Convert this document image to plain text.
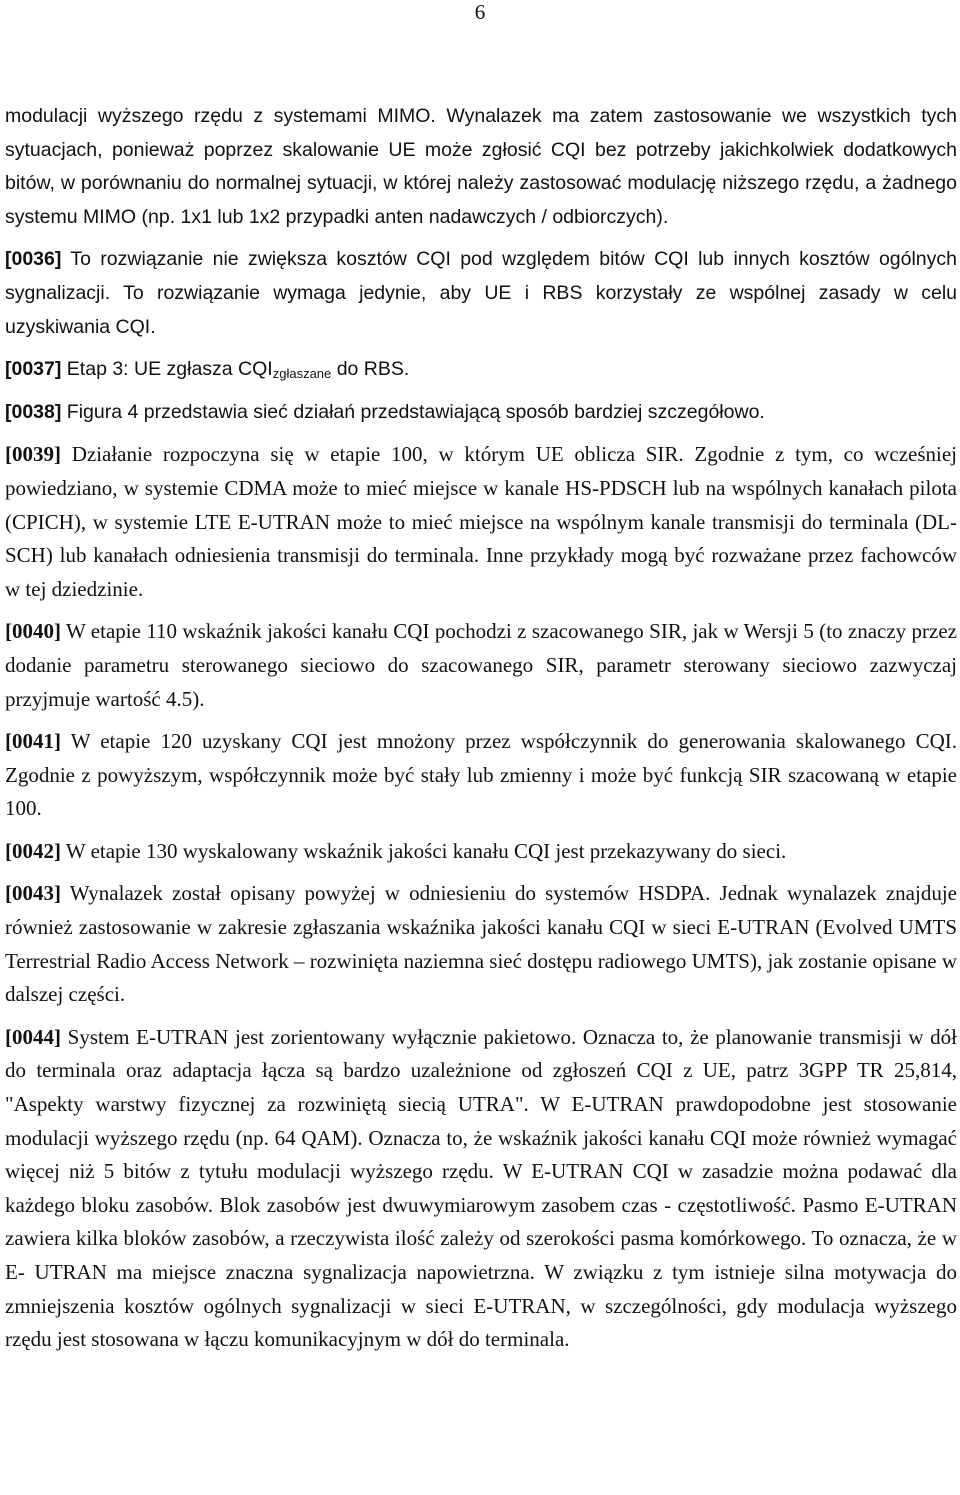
6

modulacji wyższego rzędu z systemami MIMO. Wynalazek ma zatem zastosowanie we wszystkich tych sytuacjach, ponieważ poprzez skalowanie UE może zgłosić CQI bez potrzeby jakichkolwiek dodatkowych bitów, w porównaniu do normalnej sytuacji, w której należy zastosować modulację niższego rzędu, a żadnego systemu MIMO (np. 1x1 lub 1x2 przypadki anten nadawczych / odbiorczych).

[0036] To rozwiązanie nie zwiększa kosztów CQI pod względem bitów CQI lub innych kosztów ogólnych sygnalizacji. To rozwiązanie wymaga jedynie, aby UE i RBS korzystały ze wspólnej zasady w celu uzyskiwania CQI.

[0037] Etap 3: UE zgłasza $CQI_{zgłaszane}$ do RBS.

[0038] Figura 4 przedstawia sieć działań przedstawiającą sposób bardziej szczegółowo.

[0039] Działanie rozpoczyna się w etapie 100, w którym UE oblicza SIR. Zgodnie z tym, co wcześniej powiedziano, w systemie CDMA może to mieć miejsce w kanale HS-PDSCH lub na wspólnych kanałach pilota (CPICH), w systemie LTE E-UTRAN może to mieć miejsce na wspólnym kanale transmisji do terminala (DL-SCH) lub kanałach odniesienia transmisji do terminala. Inne przykłady mogą być rozważane przez fachowców w tej dziedzinie.

[0040] W etapie 110 wskaźnik jakości kanału CQI pochodzi z szacowanego SIR, jak w Wersji 5 (to znaczy przez dodanie parametru sterowanego sieciowo do szacowanego SIR, parametr sterowany sieciowo zazwyczaj przyjmuje wartość 4.5).

[0041] W etapie 120 uzyskany CQI jest mnożony przez współczynnik do generowania skalowanego CQI. Zgodnie z powyższym, współczynnik może być stały lub zmienny i może być funkcją SIR szacowaną w etapie 100.

[0042] W etapie 130 wyskalowany wskaźnik jakości kanału CQI jest przekazywany do sieci.

[0043] Wynalazek został opisany powyżej w odniesieniu do systemów HSDPA. Jednak wynalazek znajduje również zastosowanie w zakresie zgłaszania wskaźnika jakości kanału CQI w sieci E-UTRAN (Evolved UMTS Terrestrial Radio Access Network – rozwinięta naziemna sieć dostępu radiowego UMTS), jak zostanie opisane w dalszej części.

[0044] System E-UTRAN jest zorientowany wyłącznie pakietowo. Oznacza to, że planowanie transmisji w dół do terminala oraz adaptacja łącza są bardzo uzależnione od zgłoszeń CQI z UE, patrz 3GPP TR 25,814, "Aspekty warstwy fizycznej za rozwiniętą siecią UTRA". W E-UTRAN prawdopodobne jest stosowanie modulacji wyższego rzędu (np. 64 QAM). Oznacza to, że wskaźnik jakości kanału CQI może również wymagać więcej niż 5 bitów z tytułu modulacji wyższego rzędu. W E-UTRAN CQI w zasadzie można podawać dla każdego bloku zasobów. Blok zasobów jest dwuwymiarowym zasobem czas - częstotliwość. Pasmo E-UTRAN zawiera kilka bloków zasobów, a rzeczywista ilość zależy od szerokości pasma komórkowego. To oznacza, że w E- UTRAN ma miejsce znaczna sygnalizacja napowietrzna. W związku z tym istnieje silna motywacja do zmniejszenia kosztów ogólnych sygnalizacji w sieci E-UTRAN, w szczególności, gdy modulacja wyższego rzędu jest stosowana w łączu komunikacyjnym w dół do terminala.
